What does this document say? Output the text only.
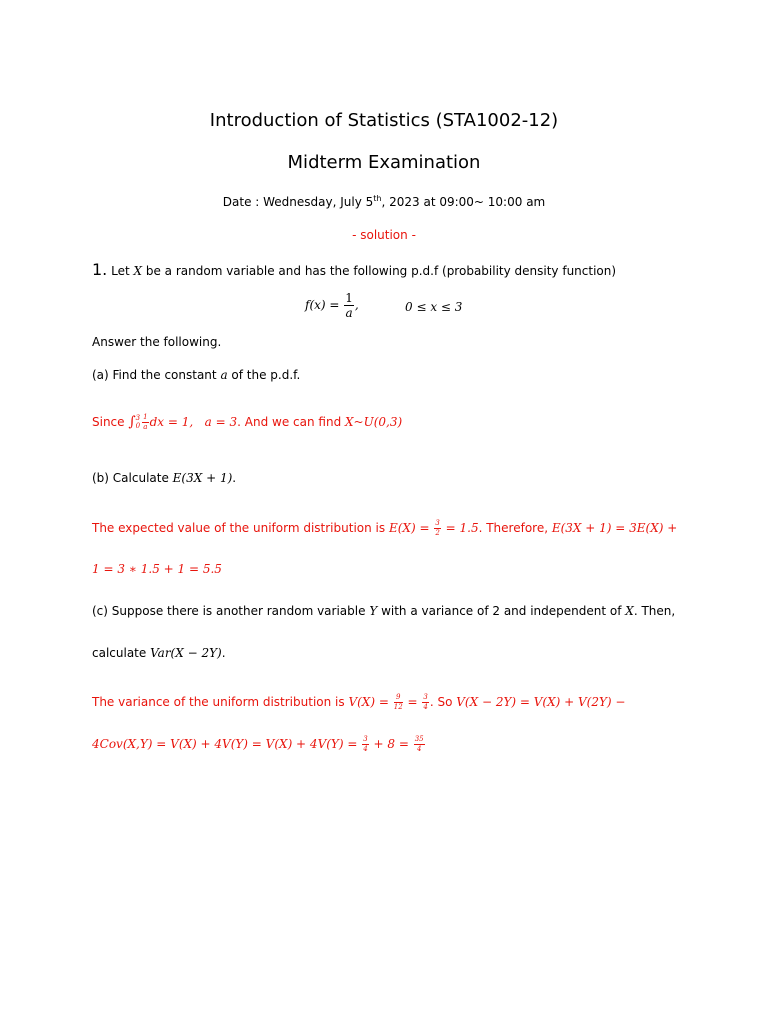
Introduction of Statistics (STA1002-12)
Midterm Examination
Date : Wednesday, July 5th, 2023 at 09:00~ 10:00 am
- solution -
1. Let X be a random variable and has the following p.d.f (probability density function)
$f(x) = \frac{1}{a}$ ,	0 ≤ x ≤ 3
Answer the following.
(a) Find the constant a of the p.d.f.
Since ∫ 3
$0 \frac{1}{a}$ dx = 1, a = 3. And we can find X~U(0,3)
(b) Calculate E(3X + 1).
The expected value of the uniform distribution is $E(X) = \frac{3}{2} = 1.5$. Therefore, E(3X + 1) = 3E(X) +
1 = 3 ∗ 1.5 + 1 = 5.5
(c) Suppose there is another random variable Y with a variance of 2 and independent of X. Then,
calculate Var(X − 2Y).
The variance of the uniform distribution is $V(X) = \frac{9}{12} = \frac{3}{4}$ . So V(X − 2Y) = V(X) + V(2Y) −
$4Cov(X,Y) = V(X) + 4V(Y) = V(X) + 4V(Y) = \frac{3}{4} + 8 = \frac{35}{4}$
